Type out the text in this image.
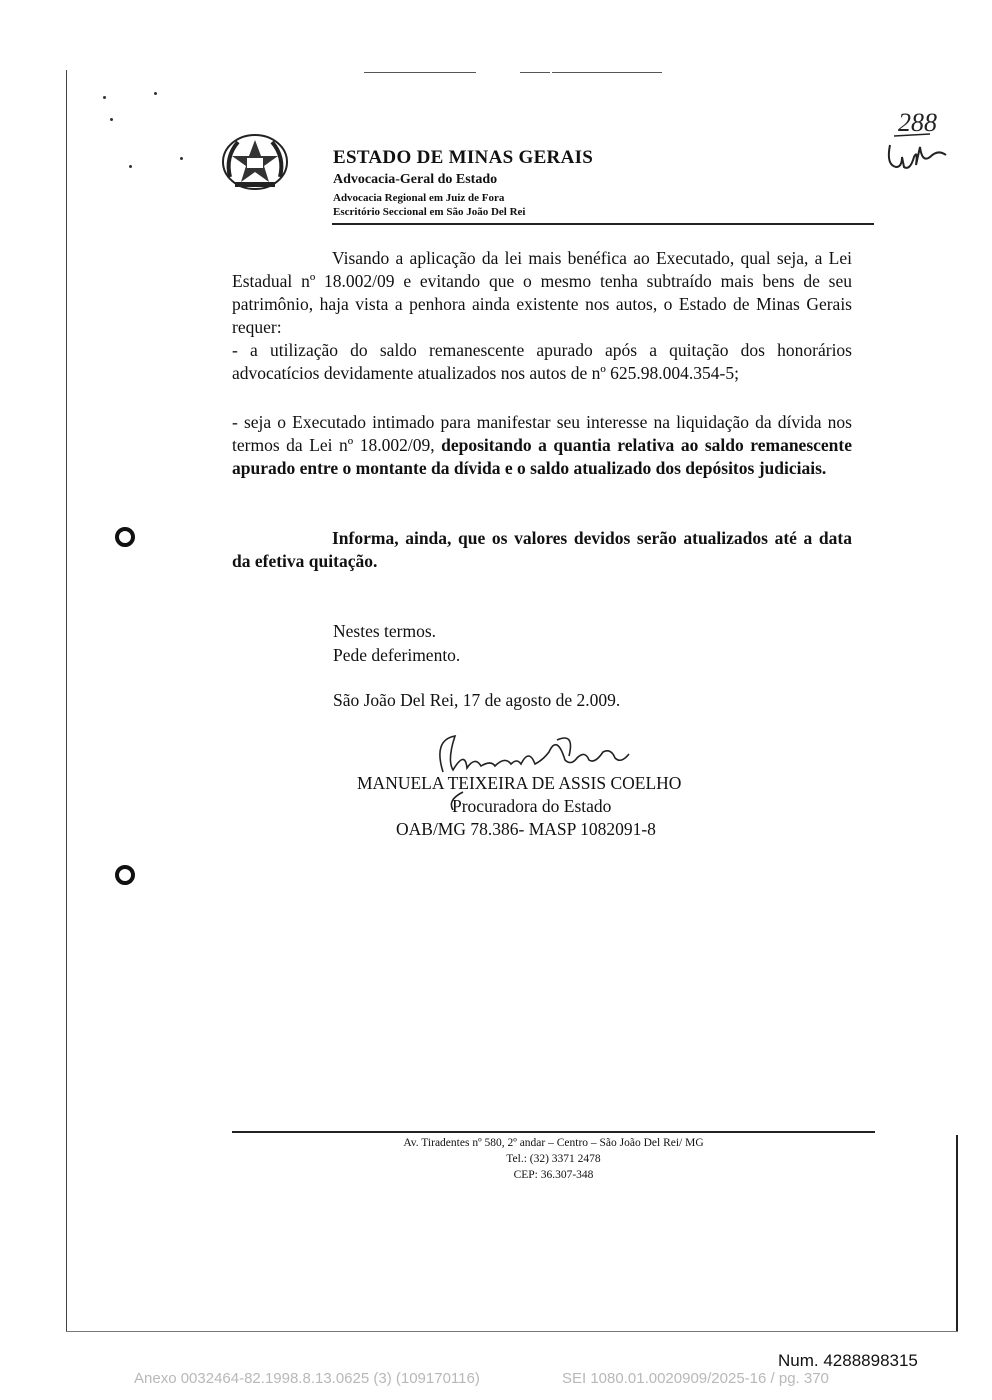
ESTADO DE MINAS GERAIS
Advocacia-Geral do Estado
Advocacia Regional em Juiz de Fora
Escritório Seccional em São João Del Rei
288
Visando a aplicação da lei mais benéfica ao Executado, qual seja, a Lei Estadual nº 18.002/09 e evitando que o mesmo tenha subtraído mais bens de seu patrimônio, haja vista a penhora ainda existente nos autos, o Estado de Minas Gerais requer:
- a utilização do saldo remanescente apurado após a quitação dos honorários advocatícios devidamente atualizados nos autos de nº 625.98.004.354-5;
- seja o Executado intimado para manifestar seu interesse na liquidação da dívida nos termos da Lei nº 18.002/09, depositando a quantia relativa ao saldo remanescente apurado entre o montante da dívida e o saldo atualizado dos depósitos judiciais.
Informa, ainda, que os valores devidos serão atualizados até a data da efetiva quitação.
Nestes termos.
Pede deferimento.
São João Del Rei, 17 de agosto de 2.009.
MANUELA TEIXEIRA DE ASSIS COELHO
Procuradora do Estado
OAB/MG 78.386- MASP 1082091-8
Av. Tiradentes nº 580, 2º andar – Centro – São João Del Rei/ MG
Tel.: (32) 3371 2478
CEP: 36.307-348
Num. 4288898315
Anexo 0032464-82.1998.8.13.0625 (3) (109170116)	SEI 1080.01.0020909/2025-16 / pg. 370
